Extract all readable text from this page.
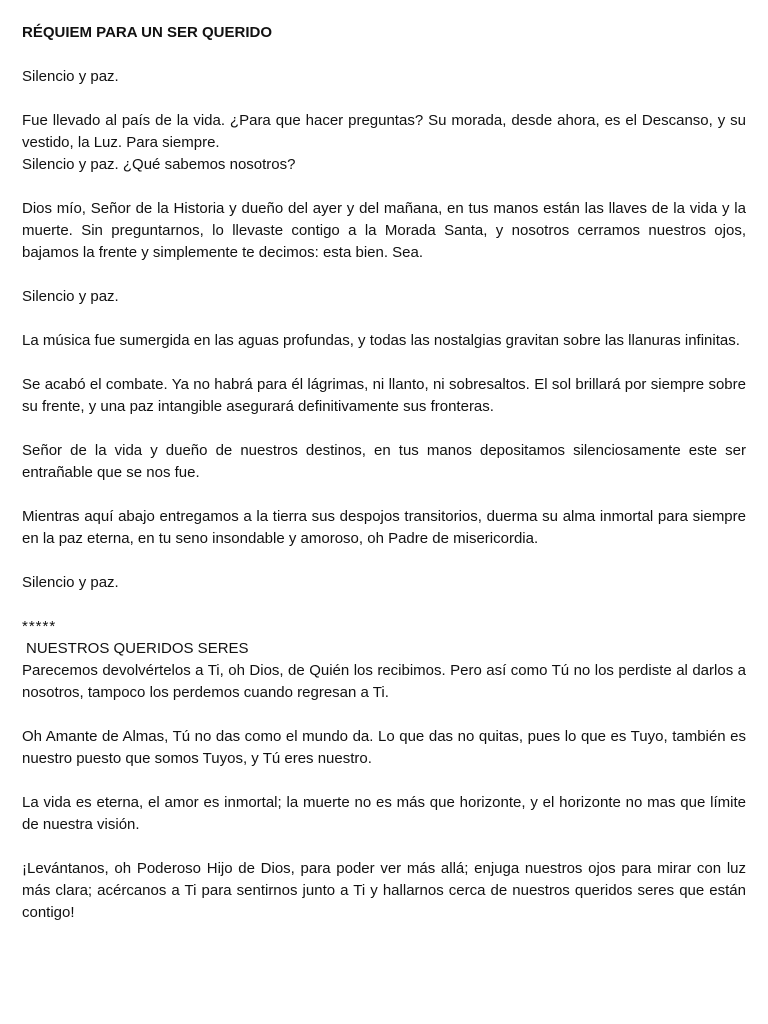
RÉQUIEM PARA UN SER QUERIDO
Silencio y paz.
Fue llevado al país de la vida. ¿Para que hacer preguntas? Su morada, desde ahora, es el Descanso, y su vestido, la Luz. Para siempre.
Silencio y paz. ¿Qué sabemos nosotros?
Dios mío, Señor de la Historia y dueño del ayer y del mañana, en tus manos están las llaves de la vida y la muerte. Sin preguntarnos, lo llevaste contigo a la Morada Santa, y nosotros cerramos nuestros ojos, bajamos la frente y simplemente te decimos: esta bien. Sea.
Silencio y paz.
La música fue sumergida en las aguas profundas, y todas las nostalgias gravitan sobre las llanuras infinitas.
Se acabó el combate. Ya no habrá para él lágrimas, ni llanto, ni sobresaltos. El sol brillará por siempre sobre su frente, y una paz intangible asegurará definitivamente sus fronteras.
Señor de la vida y dueño de nuestros destinos, en tus manos depositamos silenciosamente este ser entrañable que se nos fue.
Mientras aquí abajo entregamos a la tierra sus despojos transitorios, duerma su alma inmortal para siempre en la paz eterna, en tu seno insondable y amoroso, oh Padre de misericordia.
Silencio y paz.
*****
NUESTROS QUERIDOS SERES
Parecemos devolvértelos a Ti, oh Dios, de Quién los recibimos. Pero así como Tú no los perdiste al darlos a nosotros, tampoco los perdemos cuando regresan a Ti.
Oh Amante de Almas, Tú no das como el mundo da. Lo que das no quitas, pues lo que es Tuyo, también es nuestro puesto que somos Tuyos, y Tú eres nuestro.
La vida es eterna, el amor es inmortal; la muerte no es más que horizonte, y el horizonte no mas que límite de nuestra visión.
¡Levántanos, oh Poderoso Hijo de Dios, para poder ver más allá; enjuga nuestros ojos para mirar con luz más clara; acércanos a Ti para sentirnos junto a Ti y hallarnos cerca de nuestros queridos seres que están contigo!
